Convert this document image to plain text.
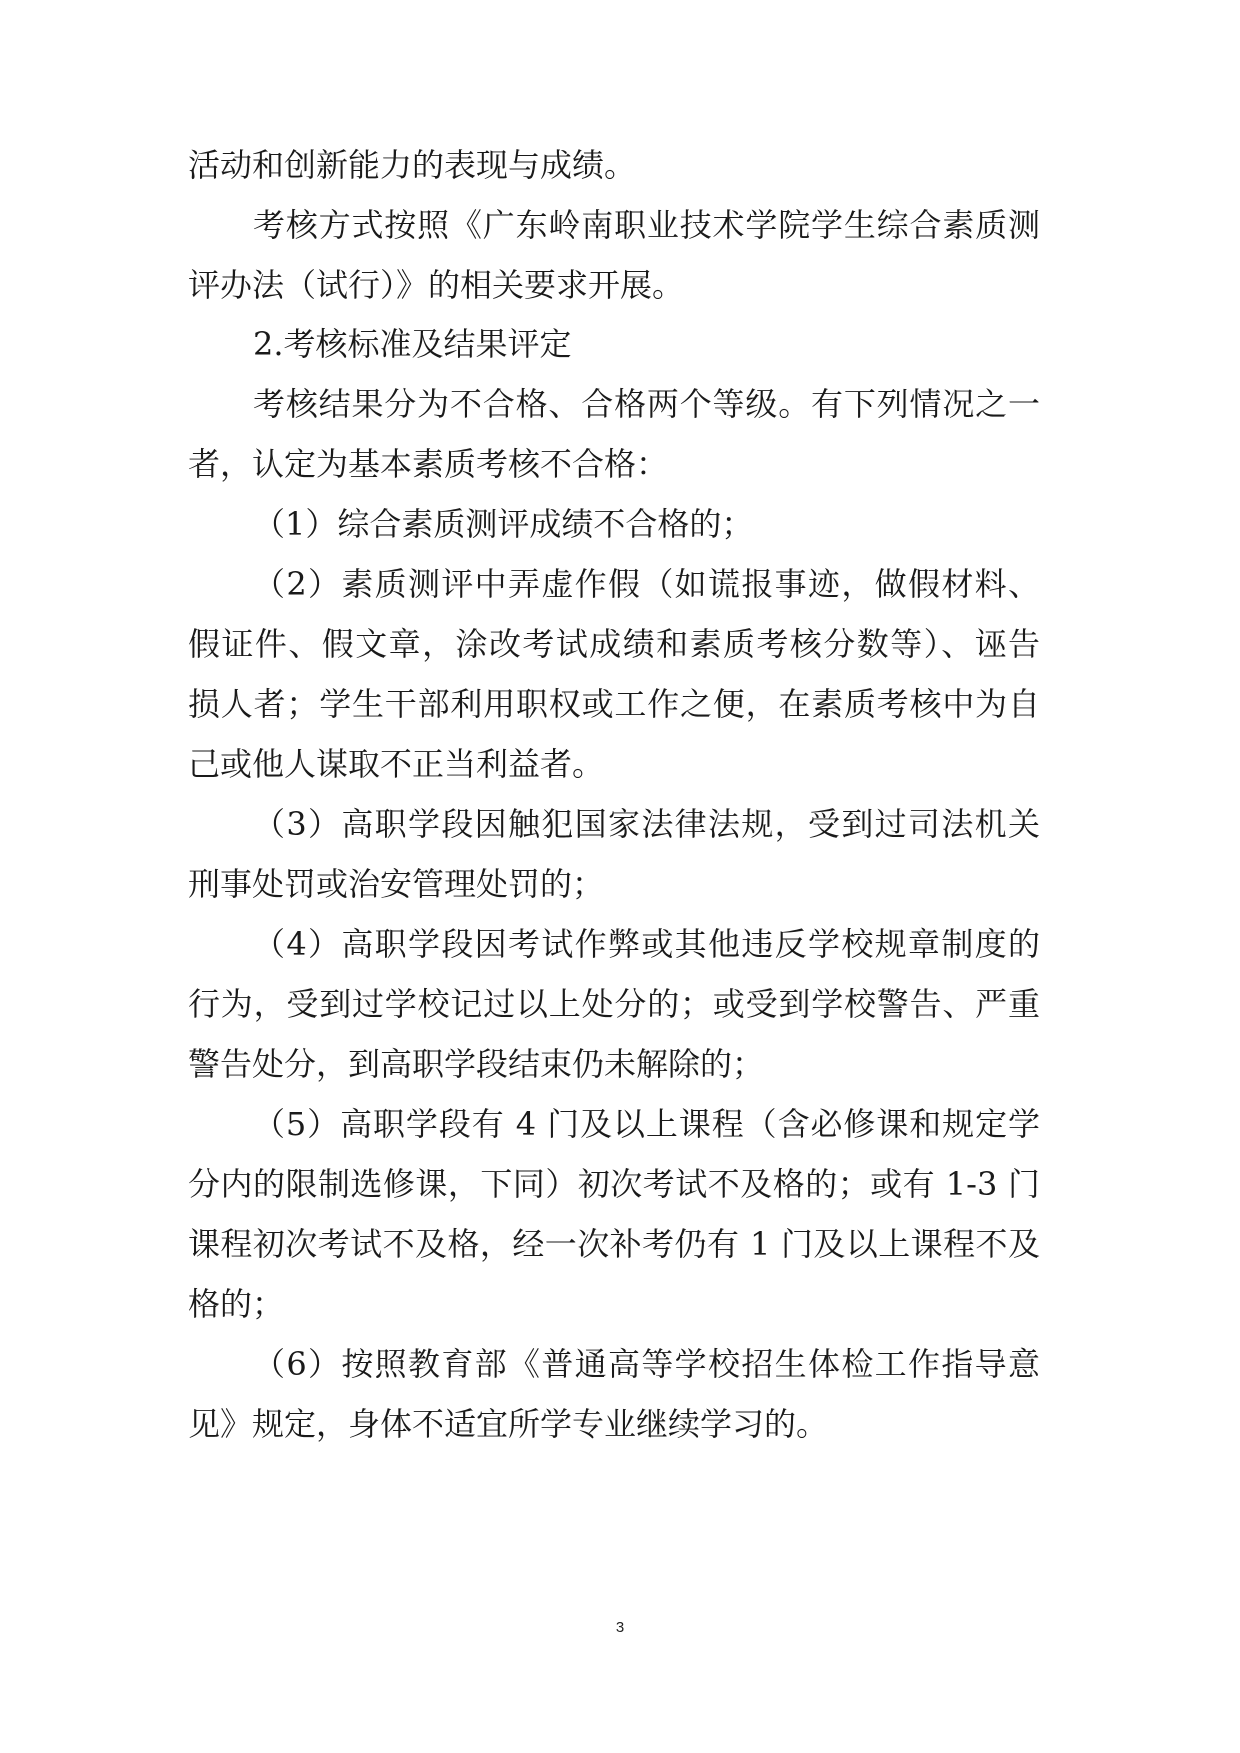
活动和创新能力的表现与成绩。
考核方式按照《广东岭南职业技术学院学生综合素质测
评办法（试行）》的相关要求开展。
2.考核标准及结果评定
考核结果分为不合格、合格两个等级。有下列情况之一
者，认定为基本素质考核不合格：
（1）综合素质测评成绩不合格的；
（2）素质测评中弄虚作假（如谎报事迹，做假材料、
假证件、假文章，涂改考试成绩和素质考核分数等）、诬告
损人者；学生干部利用职权或工作之便，在素质考核中为自
己或他人谋取不正当利益者。
（3）高职学段因触犯国家法律法规，受到过司法机关
刑事处罚或治安管理处罚的；
（4）高职学段因考试作弊或其他违反学校规章制度的
行为，受到过学校记过以上处分的；或受到学校警告、严重
警告处分，到高职学段结束仍未解除的；
（5）高职学段有 4 门及以上课程（含必修课和规定学
分内的限制选修课，下同）初次考试不及格的；或有 1-3 门
课程初次考试不及格，经一次补考仍有 1 门及以上课程不及
格的；
（6）按照教育部《普通高等学校招生体检工作指导意
见》规定，身体不适宜所学专业继续学习的。
3
